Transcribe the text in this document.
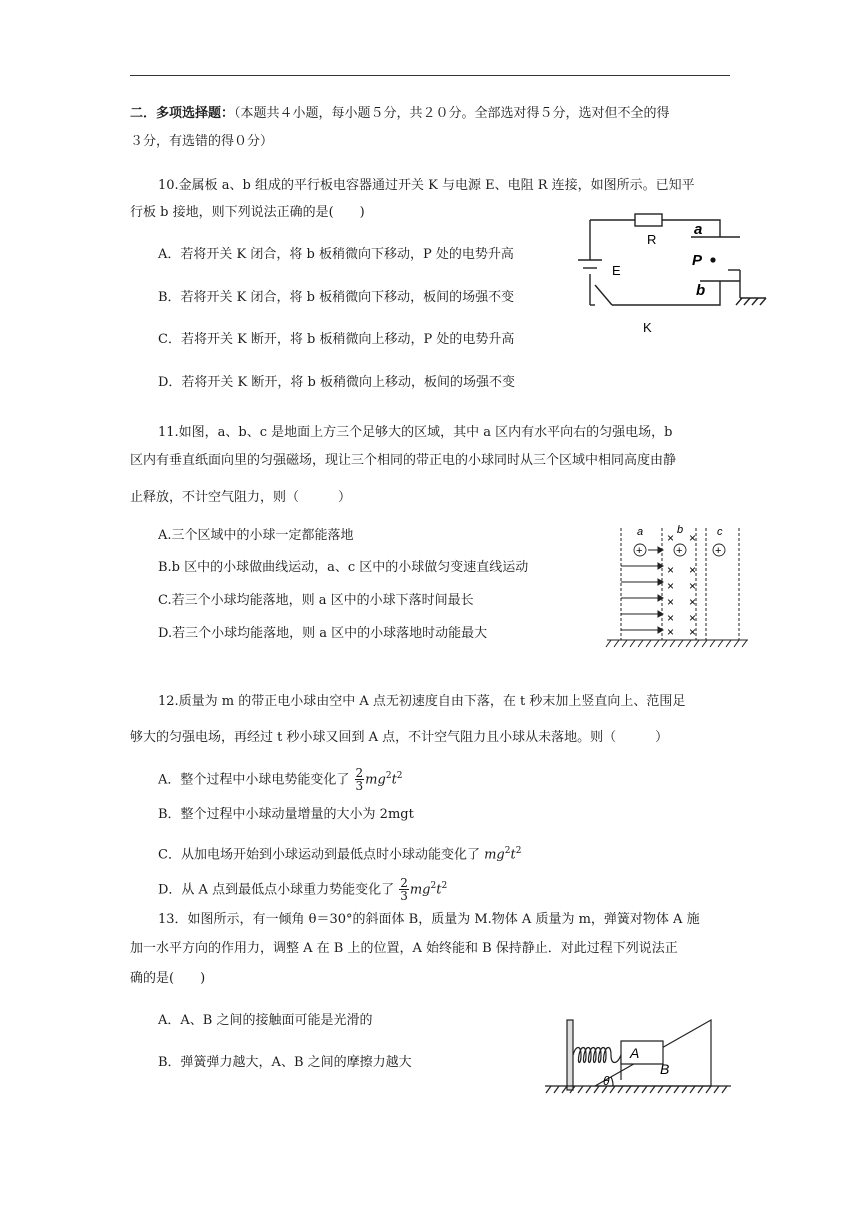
二．多项选择题：（本题共４小题，每小题５分，共２０分。全部选对得５分，选对但不全的得
３分，有选错的得０分）
10.金属板 a、b 组成的平行板电容器通过开关 K 与电源 E、电阻 R 连接，如图所示。已知平
行板 b 接地，则下列说法正确的是(　　)
A．若将开关 K 闭合，将 b 板稍微向下移动，P 处的电势升高
B．若将开关 K 闭合，将 b 板稍微向下移动，板间的场强不变
C．若将开关 K 断开，将 b 板稍微向上移动，P 处的电势升高
D．若将开关 K 断开，将 b 板稍微向上移动，板间的场强不变
R
a
P
b
E
K
11.如图，a、b、c 是地面上方三个足够大的区域，其中 a 区内有水平向右的匀强电场，b
区内有垂直纸面向里的匀强磁场，现让三个相同的带正电的小球同时从三个区域中相同高度由静
止释放，不计空气阻力，则（　　　）
A.三个区域中的小球一定都能落地
B.b 区中的小球做曲线运动，a、c 区中的小球做匀变速直线运动
C.若三个小球均能落地，则 a 区中的小球下落时间最长
D.若三个小球均能落地，则 a 区中的小球落地时动能最大
+	+	+
a	b	c
× ×
× ×
× ×
× ×
× ×
× ×
12.质量为 m 的带正电小球由空中 A 点无初速度自由下落，在 t 秒末加上竖直向上、范围足
够大的匀强电场，再经过 t 秒小球又回到 A 点，不计空气阻力且小球从未落地。则（　　　）
A．整个过程中小球电势能变化了 $\frac{2}{3} mg^2t^2$
B．整个过程中小球动量增量的大小为 2mgt
C．从加电场开始到小球运动到最低点时小球动能变化了 $mg^2t^2$
D．从 A 点到最低点小球重力势能变化了 $\frac{2}{3} mg^2t^2$
13．如图所示，有一倾角 θ＝30°的斜面体 B，质量为 M.物体 A 质量为 m，弹簧对物体 A 施
加一水平方向的作用力，调整 A 在 B 上的位置，A 始终能和 B 保持静止．对此过程下列说法正
确的是(　　)
A．A、B 之间的接触面可能是光滑的
B．弹簧弹力越大，A、B 之间的摩擦力越大
A
B
θ
